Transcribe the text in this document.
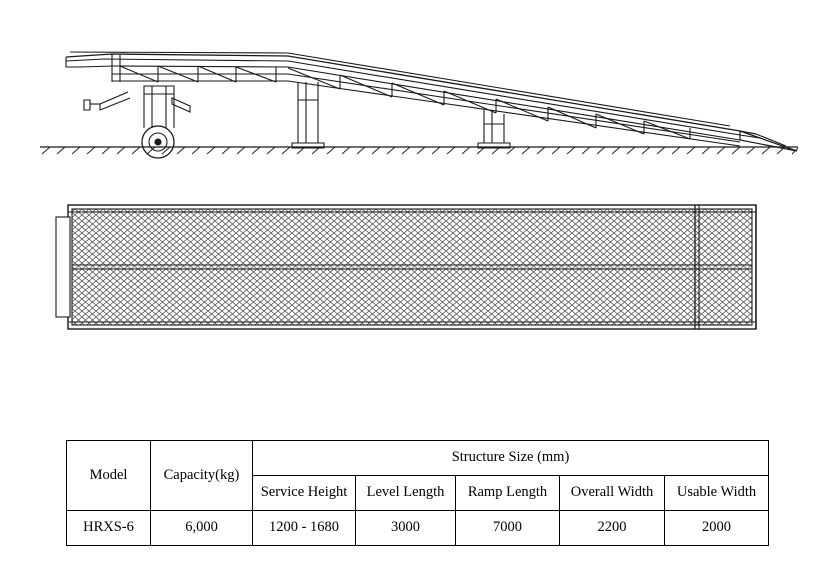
Model	Capacity(kg)	Structure Size (mm)				
		Service Height	Level Length	Ramp Length	Overall Width	Usable Width
HRXS-6	6,000	1200 - 1680	3000	7000	2200	2000
